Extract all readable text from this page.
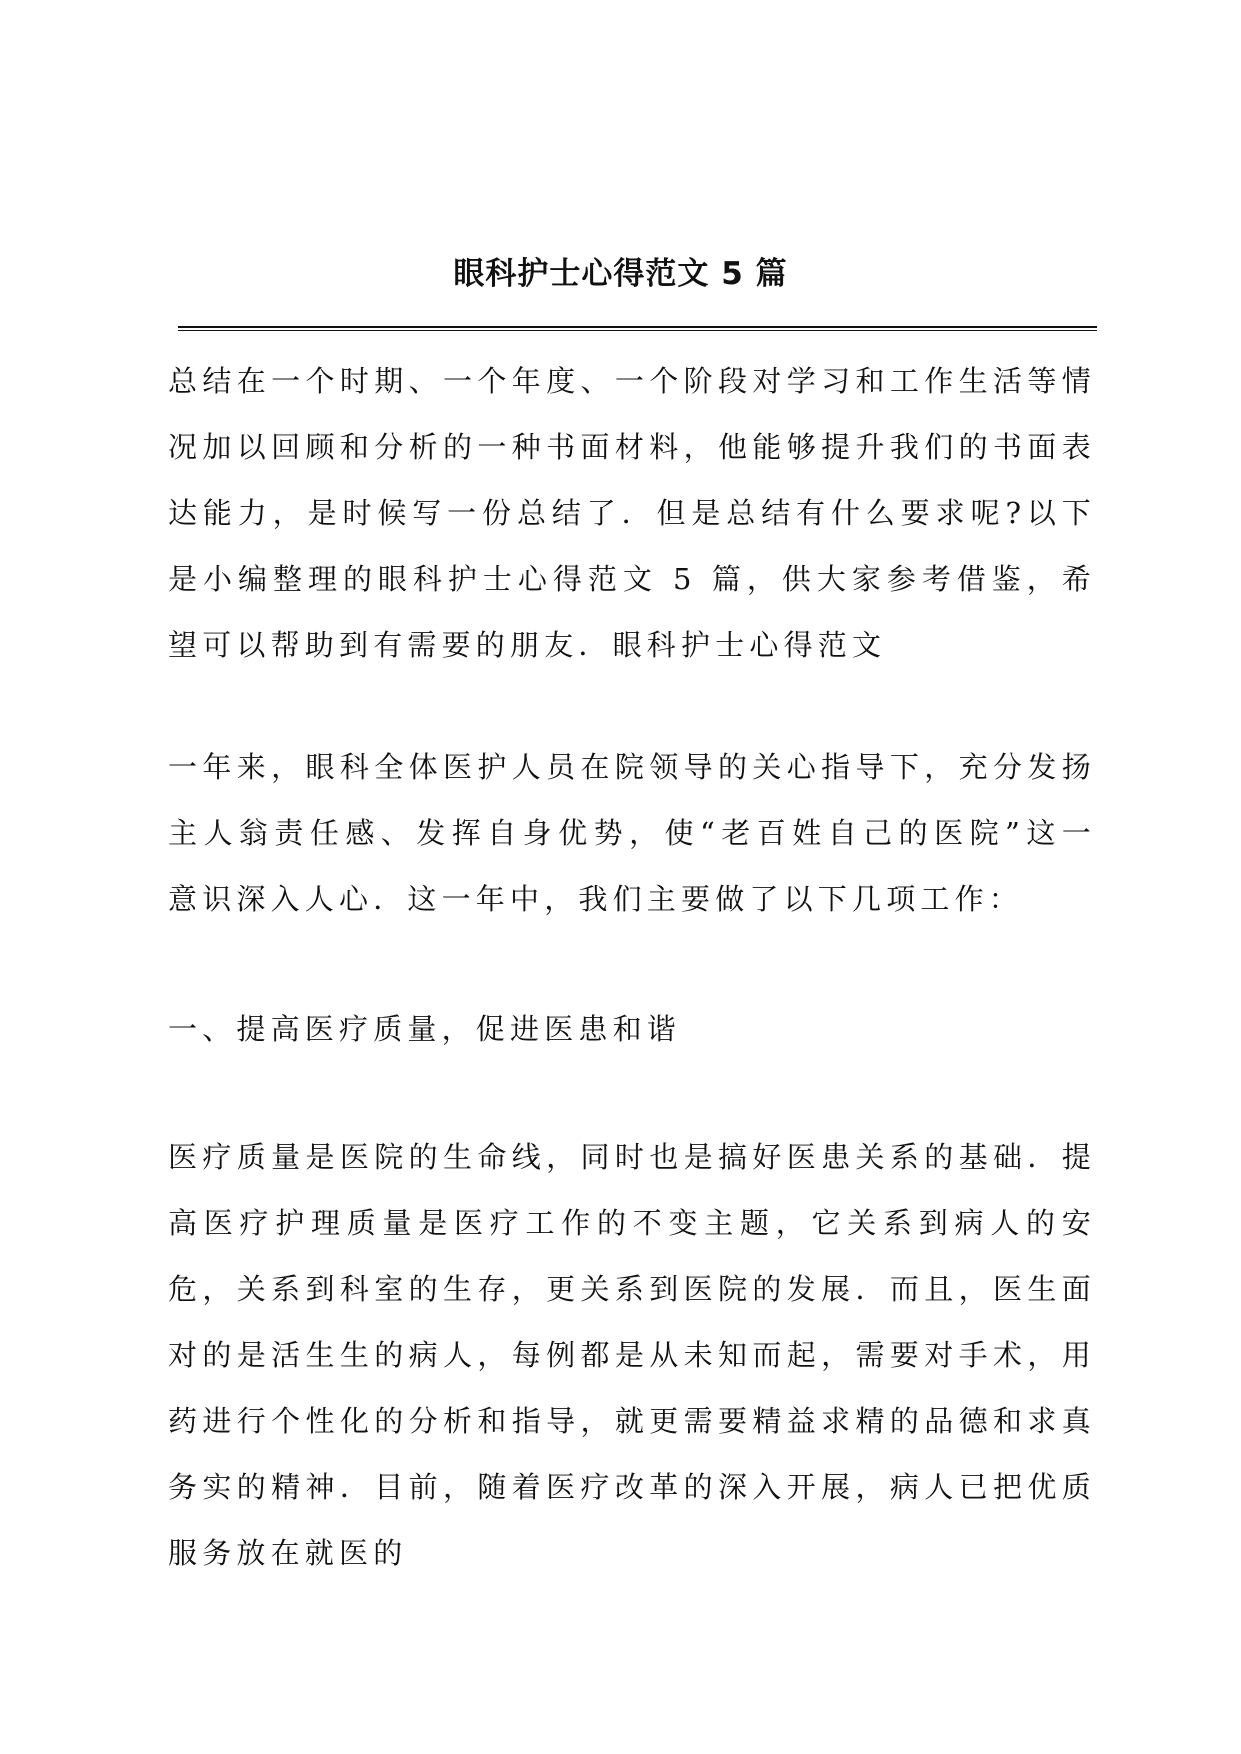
眼科护士心得范文 5 篇

总结在一个时期、一个年度、一个阶段对学习和工作生活等情况加以回顾和分析的一种书面材料，他能够提升我们的书面表达能力，是时候写一份总结了．但是总结有什么要求呢?以下是小编整理的眼科护士心得范文 5 篇，供大家参考借鉴，希望可以帮助到有需要的朋友．眼科护士心得范文

一年来，眼科全体医护人员在院领导的关心指导下，充分发扬主人翁责任感、发挥自身优势，使“老百姓自己的医院”这一意识深入人心．这一年中，我们主要做了以下几项工作：

一、提高医疗质量，促进医患和谐

医疗质量是医院的生命线，同时也是搞好医患关系的基础．提高医疗护理质量是医疗工作的不变主题，它关系到病人的安危，关系到科室的生存，更关系到医院的发展．而且，医生面对的是活生生的病人，每例都是从未知而起，需要对手术，用药进行个性化的分析和指导，就更需要精益求精的品德和求真务实的精神．目前，随着医疗改革的深入开展，病人已把优质服务放在就医的
